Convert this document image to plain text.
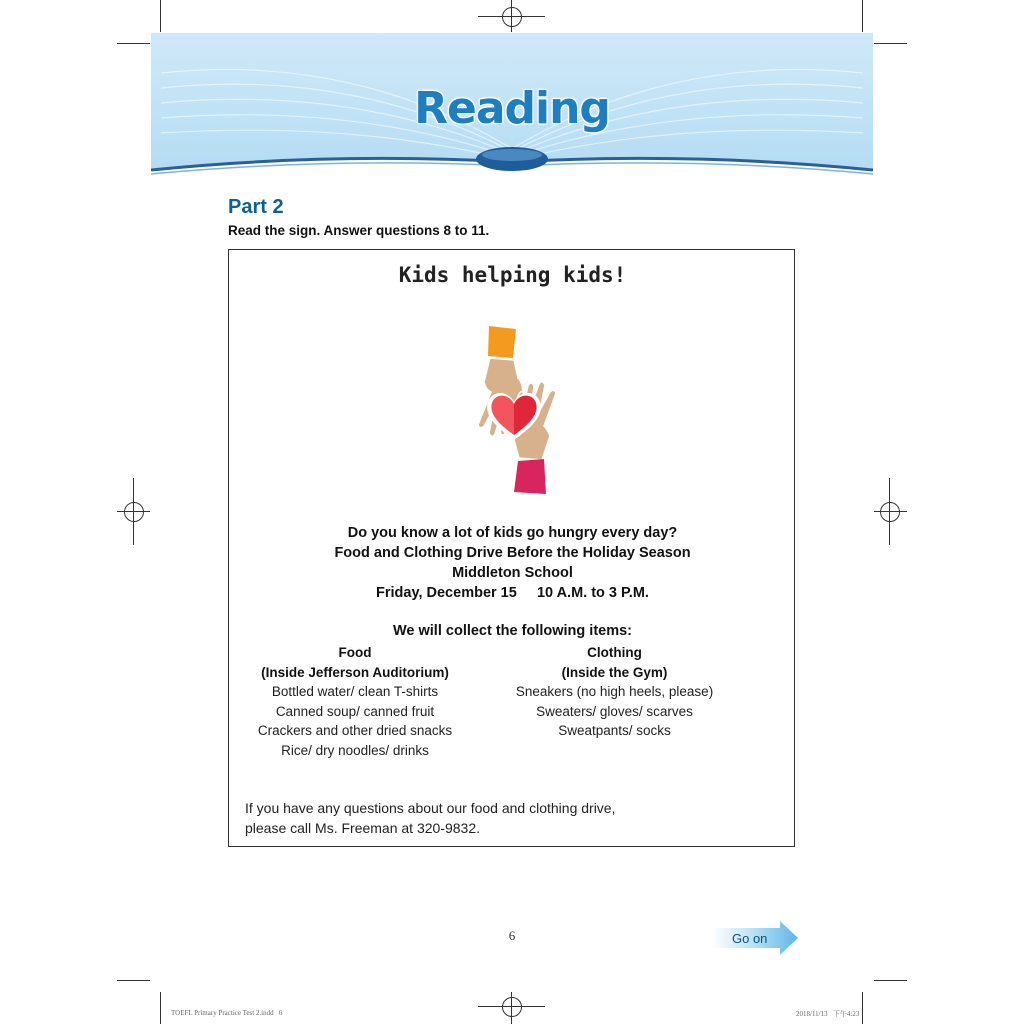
Reading
Part 2
Read the sign. Answer questions 8 to 11.
Kids helping kids!
Do you know a lot of kids go hungry every day?
Food and Clothing Drive Before the Holiday Season
Middleton School
Friday, December 15     10 A.M. to 3 P.M.
We will collect the following items:
Food
(Inside Jefferson Auditorium)
Bottled water/ clean T-shirts
Canned soup/ canned fruit
Crackers and other dried snacks
Rice/ dry noodles/ drinks
Clothing
(Inside the Gym)
Sneakers (no high heels, please)
Sweaters/ gloves/ scarves
Sweatpants/ socks
If you have any questions about our food and clothing drive,
please call Ms. Freeman at 320-9832.
6	Go on
TOEFL Primary Practice Test 2.indd   6	2018/11/13   下午4:23
